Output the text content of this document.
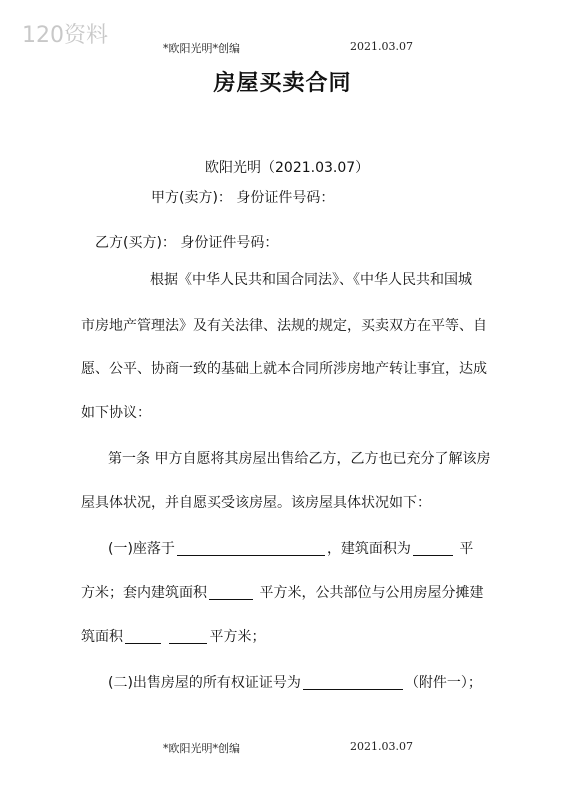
120资料
*欧阳光明*创编	2021.03.07
房屋买卖合同
欧阳光明（2021.03.07）
甲方(卖方)： 身份证件号码：
乙方(买方)： 身份证件号码：
根据《中华人民共和国合同法》、《中华人民共和国城
市房地产管理法》及有关法律、法规的规定，买卖双方在平等、自
愿、公平、协商一致的基础上就本合同所涉房地产转让事宜，达成
如下协议：
第一条 甲方自愿将其房屋出售给乙方，乙方也已充分了解该房
屋具体状况，并自愿买受该房屋。该房屋具体状况如下：
(一)座落于	，建筑面积为	平
方米；套内建筑面积	平方米，公共部位与公用房屋分摊建
筑面积	平方米；
(二)出售房屋的所有权证证号为	（附件一）；
*欧阳光明*创编	2021.03.07
